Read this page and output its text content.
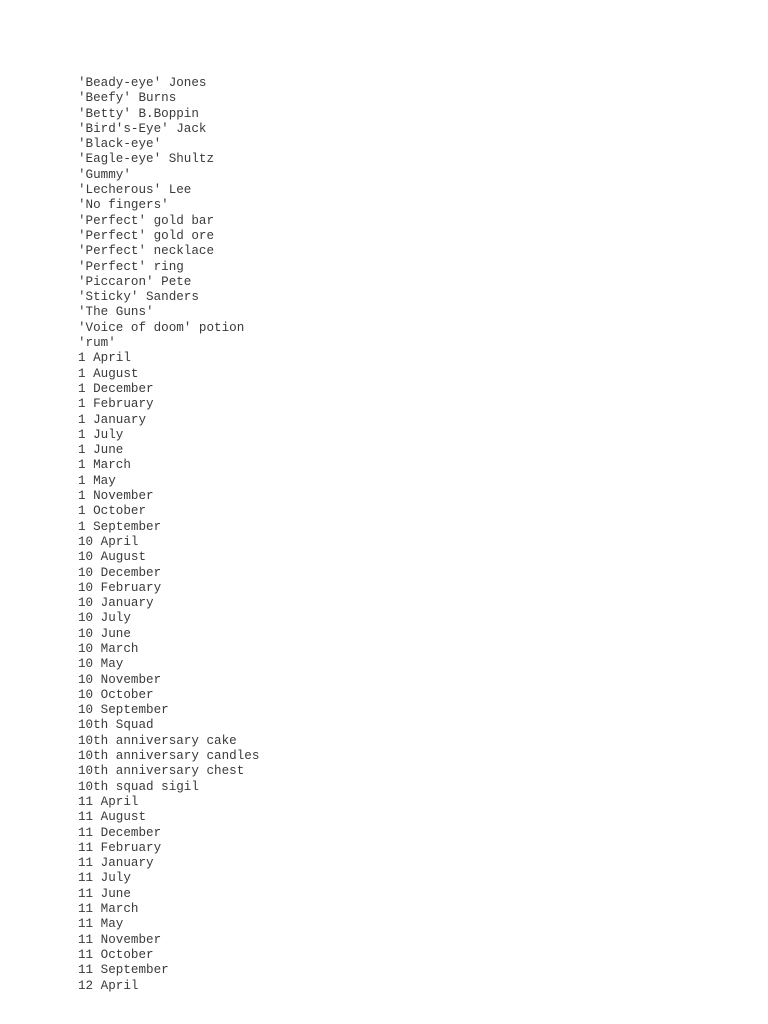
'Beady-eye' Jones
'Beefy' Burns
'Betty' B.Boppin
'Bird's-Eye' Jack
'Black-eye'
'Eagle-eye' Shultz
'Gummy'
'Lecherous' Lee
'No fingers'
'Perfect' gold bar
'Perfect' gold ore
'Perfect' necklace
'Perfect' ring
'Piccaron' Pete
'Sticky' Sanders
'The Guns'
'Voice of doom' potion
'rum'
1 April
1 August
1 December
1 February
1 January
1 July
1 June
1 March
1 May
1 November
1 October
1 September
10 April
10 August
10 December
10 February
10 January
10 July
10 June
10 March
10 May
10 November
10 October
10 September
10th Squad
10th anniversary cake
10th anniversary candles
10th anniversary chest
10th squad sigil
11 April
11 August
11 December
11 February
11 January
11 July
11 June
11 March
11 May
11 November
11 October
11 September
12 April
